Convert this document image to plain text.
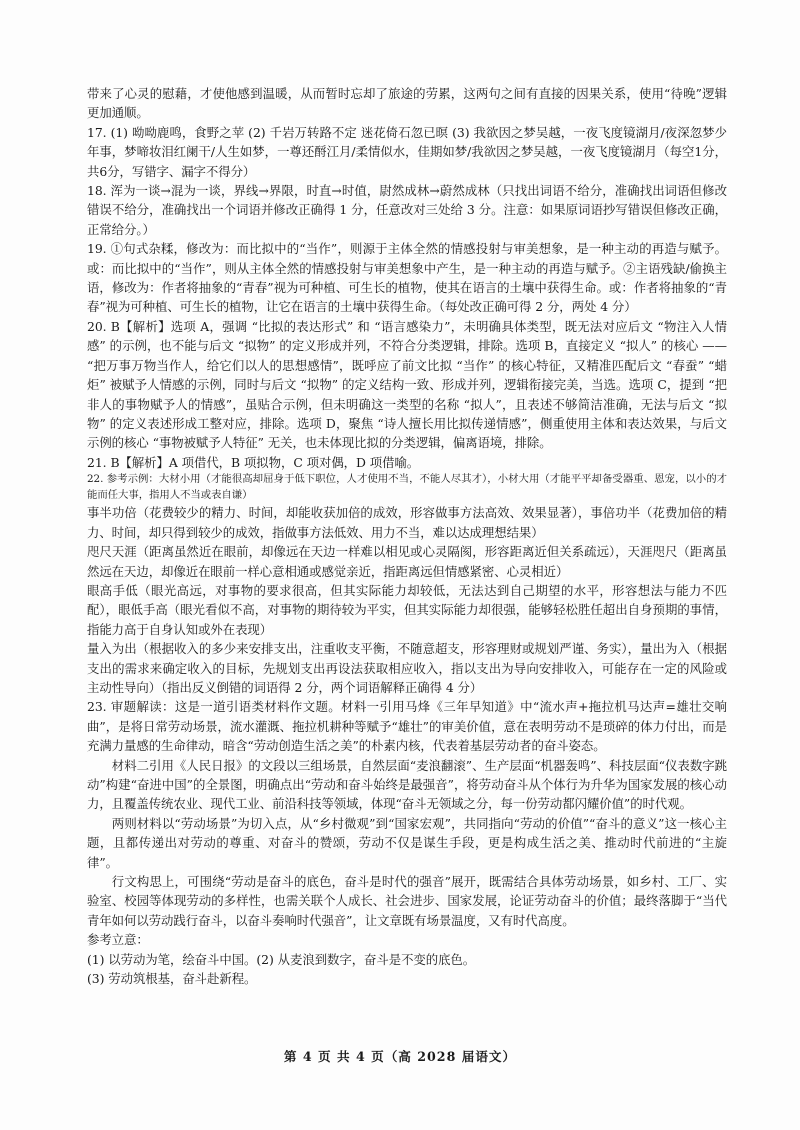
带来了心灵的慰藉，才使他感到温暖，从而暂时忘却了旅途的劳累，这两句之间有直接的因果关系，使用“待晚”逻辑更加通顺。

17. (1) 呦呦鹿鸣，食野之苹 (2) 千岩万转路不定 迷花倚石忽已暝 (3) 我欲因之梦吴越，一夜飞度镜湖月/夜深忽梦少年事，梦啼妆泪红阑干/人生如梦，一尊还酹江月/柔情似水，佳期如梦/我欲因之梦吴越，一夜飞度镜湖月（每空1分，共6分，写错字、漏字不得分）

18. 浑为一谈→混为一谈，界线→界限，时直→时值，尉然成林→蔚然成林（只找出词语不给分，准确找出词语但修改错误不给分，准确找出一个词语并修改正确得 1 分，任意改对三处给 3 分。注意：如果原词语抄写错误但修改正确，正常给分。）

19. ①句式杂糅，修改为：而比拟中的“当作”，则源于主体全然的情感投射与审美想象，是一种主动的再造与赋予。或：而比拟中的“当作”，则从主体全然的情感投射与审美想象中产生，是一种主动的再造与赋予。②主语残缺/偷换主语，修改为：作者将抽象的“青春”视为可种植、可生长的植物，使其在语言的土壤中获得生命。或：作者将抽象的“青春”视为可种植、可生长的植物，让它在语言的土壤中获得生命。（每处改正确可得 2 分，两处 4 分）

20. B【解析】选项 A，强调 “比拟的表达形式” 和 “语言感染力”，未明确具体类型，既无法对应后文 “物注入人情感” 的示例，也不能与后文 “拟物” 的定义形成并列，不符合分类逻辑，排除。选项 B，直接定义 “拟人” 的核心 —— “把万事万物当作人，给它们以人的思想感情”，既呼应了前文比拟 “当作” 的核心特征，又精准匹配后文 “春蚕” “蜡炬” 被赋予人情感的示例，同时与后文 “拟物” 的定义结构一致、形成并列，逻辑衔接完美，当选。选项 C，提到 “把非人的事物赋予人的情感”，虽贴合示例，但未明确这一类型的名称 “拟人”，且表述不够简洁准确，无法与后文 “拟物” 的定义表述形成工整对应，排除。选项 D，聚焦 “诗人擅长用比拟传递情感”，侧重使用主体和表达效果，与后文示例的核心 “事物被赋予人特征” 无关，也未体现比拟的分类逻辑，偏离语境，排除。

21. B【解析】A 项借代，B 项拟物，C 项对偶，D 项借喻。

22. 参考示例：大材小用（才能很高却屈身于低下职位，人才使用不当，不能人尽其才），小材大用（才能平平却备受器重、恩宠，以小的才能而任大事，指用人不当或表自谦）

事半功倍（花费较少的精力、时间，却能收获加倍的成效，形容做事方法高效、效果显著），事倍功半（花费加倍的精力、时间，却只得到较少的成效，指做事方法低效、用力不当，难以达成理想结果）

咫尺天涯（距离虽然近在眼前，却像远在天边一样难以相见或心灵隔阂，形容距离近但关系疏远），天涯咫尺（距离虽然远在天边，却像近在眼前一样心意相通或感觉亲近，指距离远但情感紧密、心灵相近）

眼高手低（眼光高远，对事物的要求很高，但其实际能力却较低，无法达到自己期望的水平，形容想法与能力不匹配），眼低手高（眼光看似不高，对事物的期待较为平实，但其实际能力却很强，能够轻松胜任超出自身预期的事情，指能力高于自身认知或外在表现）

量入为出（根据收入的多少来安排支出，注重收支平衡，不随意超支，形容理财或规划严谨、务实），量出为入（根据支出的需求来确定收入的目标，先规划支出再设法获取相应收入，指以支出为导向安排收入，可能存在一定的风险或主动性导向）（指出反义倒错的词语得 2 分，两个词语解释正确得 4 分）

23. 审题解读：这是一道引语类材料作文题。材料一引用马烽《三年早知道》中“流水声+拖拉机马达声=雄壮交响曲”，是将日常劳动场景，流水灌溉、拖拉机耕种等赋予“雄壮”的审美价值，意在表明劳动不是琐碎的体力付出，而是充满力量感的生命律动，暗含“劳动创造生活之美”的朴素内核，代表着基层劳动者的奋斗姿态。

材料二引用《人民日报》的文段以三组场景，自然层面“麦浪翻滚”、生产层面“机器轰鸣”、科技层面“仪表数字跳动”构建“奋进中国”的全景图，明确点出“劳动和奋斗始终是最强音”，将劳动奋斗从个体行为升华为国家发展的核心动力，且覆盖传统农业、现代工业、前沿科技等领域，体现“奋斗无领域之分，每一份劳动都闪耀价值”的时代观。

两则材料以“劳动场景”为切入点，从“乡村微观”到“国家宏观”，共同指向“劳动的价值”“奋斗的意义”这一核心主题，且都传递出对劳动的尊重、对奋斗的赞颂，劳动不仅是谋生手段，更是构成生活之美、推动时代前进的“主旋律”。

行文构思上，可围绕“劳动是奋斗的底色，奋斗是时代的强音”展开，既需结合具体劳动场景，如乡村、工厂、实验室、校园等体现劳动的多样性，也需关联个人成长、社会进步、国家发展，论证劳动奋斗的价值；最终落脚于“当代青年如何以劳动践行奋斗，以奋斗奏响时代强音”，让文章既有场景温度，又有时代高度。

参考立意：

(1) 以劳动为笔，绘奋斗中国。(2) 从麦浪到数字，奋斗是不变的底色。

(3) 劳动筑根基，奋斗赴新程。

第 4 页 共 4 页（高 2028 届语文）
